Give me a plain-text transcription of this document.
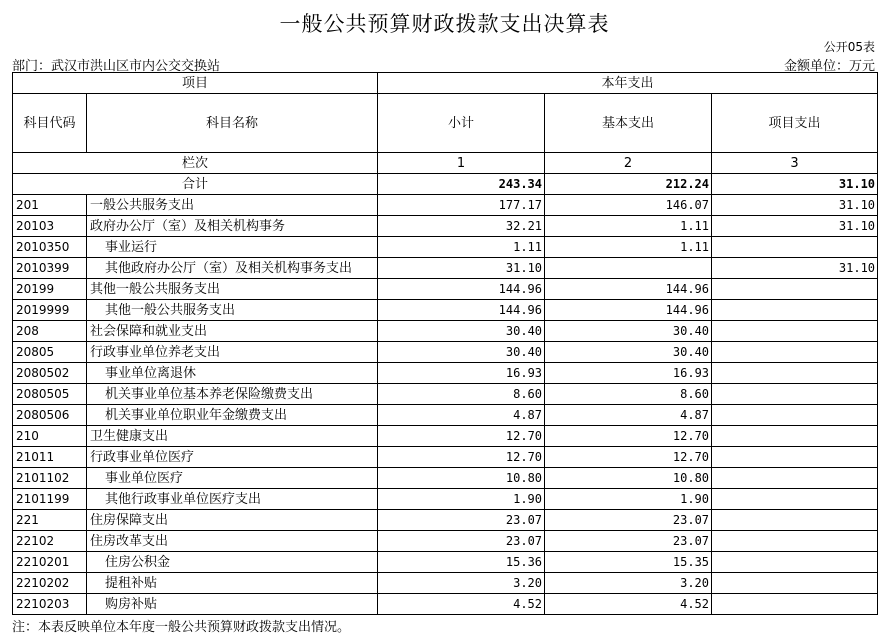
一般公共预算财政拨款支出决算表
公开05表
部门：武汉市洪山区市内公交交换站	金额单位：万元
项目		本年支出		
科目代码	科目名称	小计	基本支出	项目支出
栏次		1	2	3
合计		243.34	212.24	31.10
201	一般公共服务支出	177.17	146.07	31.10
20103	政府办公厅（室）及相关机构事务	32.21	1.11	31.10
2010350	事业运行	1.11	1.11	
2010399	其他政府办公厅（室）及相关机构事务支出	31.10		31.10
20199	其他一般公共服务支出	144.96	144.96	
2019999	其他一般公共服务支出	144.96	144.96	
208	社会保障和就业支出	30.40	30.40	
20805	行政事业单位养老支出	30.40	30.40	
2080502	事业单位离退休	16.93	16.93	
2080505	机关事业单位基本养老保险缴费支出	8.60	8.60	
2080506	机关事业单位职业年金缴费支出	4.87	4.87	
210	卫生健康支出	12.70	12.70	
21011	行政事业单位医疗	12.70	12.70	
2101102	事业单位医疗	10.80	10.80	
2101199	其他行政事业单位医疗支出	1.90	1.90	
221	住房保障支出	23.07	23.07	
22102	住房改革支出	23.07	23.07	
2210201	住房公积金	15.36	15.35	
2210202	提租补贴	3.20	3.20	
2210203	购房补贴	4.52	4.52	
注：本表反映单位本年度一般公共预算财政拨款支出情况。
